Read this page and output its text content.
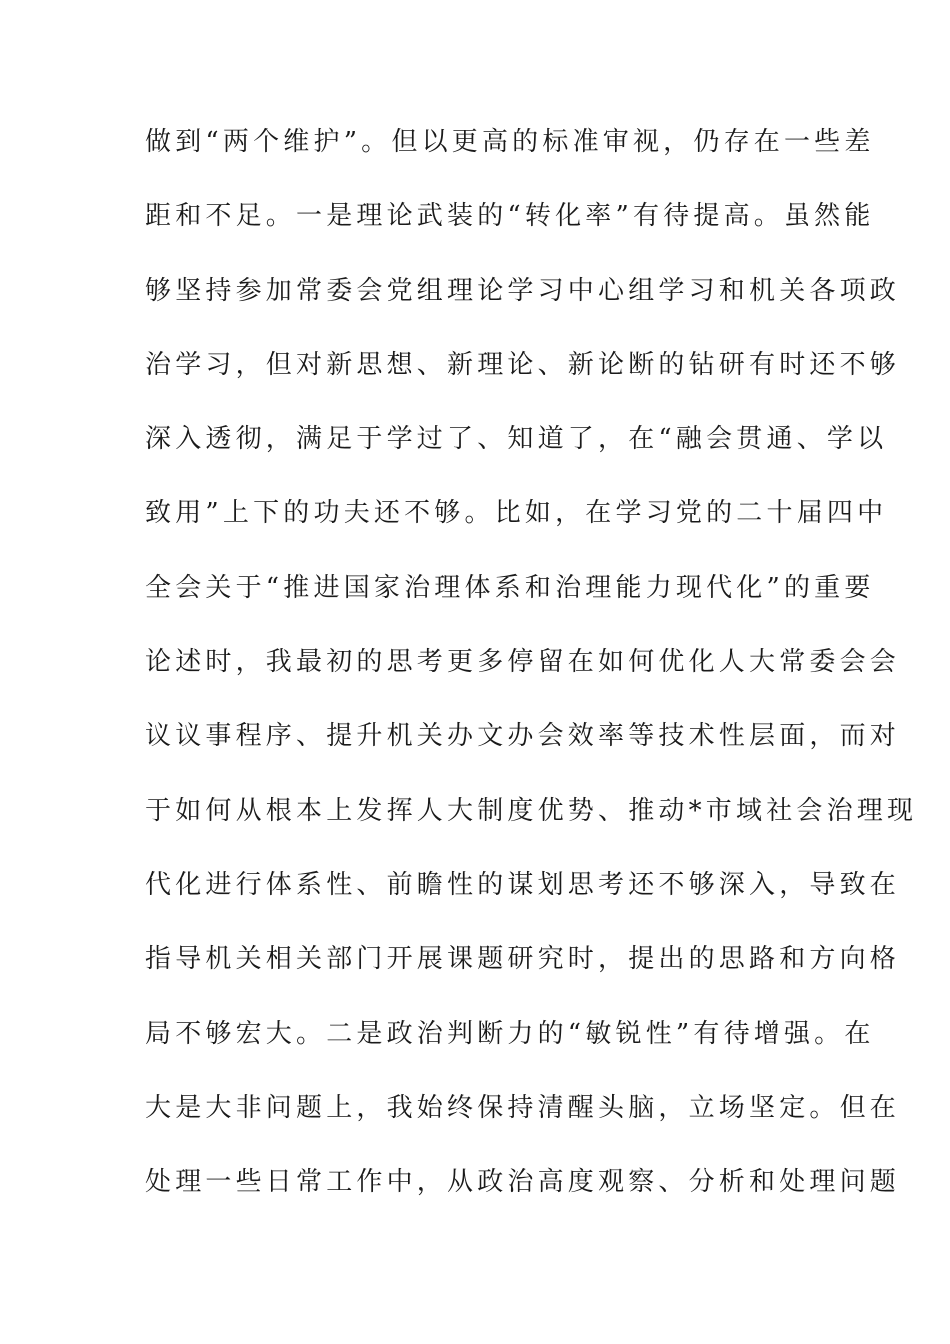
做到“两个维护”。但以更高的标准审视，仍存在一些差
距和不足。一是理论武装的“转化率”有待提高。虽然能
够坚持参加常委会党组理论学习中心组学习和机关各项政
治学习，但对新思想、新理论、新论断的钻研有时还不够
深入透彻，满足于学过了、知道了，在“融会贯通、学以
致用”上下的功夫还不够。比如，在学习党的二十届四中
全会关于“推进国家治理体系和治理能力现代化”的重要
论述时，我最初的思考更多停留在如何优化人大常委会会
议议事程序、提升机关办文办会效率等技术性层面，而对
于如何从根本上发挥人大制度优势、推动*市域社会治理现
代化进行体系性、前瞻性的谋划思考还不够深入，导致在
指导机关相关部门开展课题研究时，提出的思路和方向格
局不够宏大。二是政治判断力的“敏锐性”有待增强。在
大是大非问题上，我始终保持清醒头脑，立场坚定。但在
处理一些日常工作中，从政治高度观察、分析和处理问题
